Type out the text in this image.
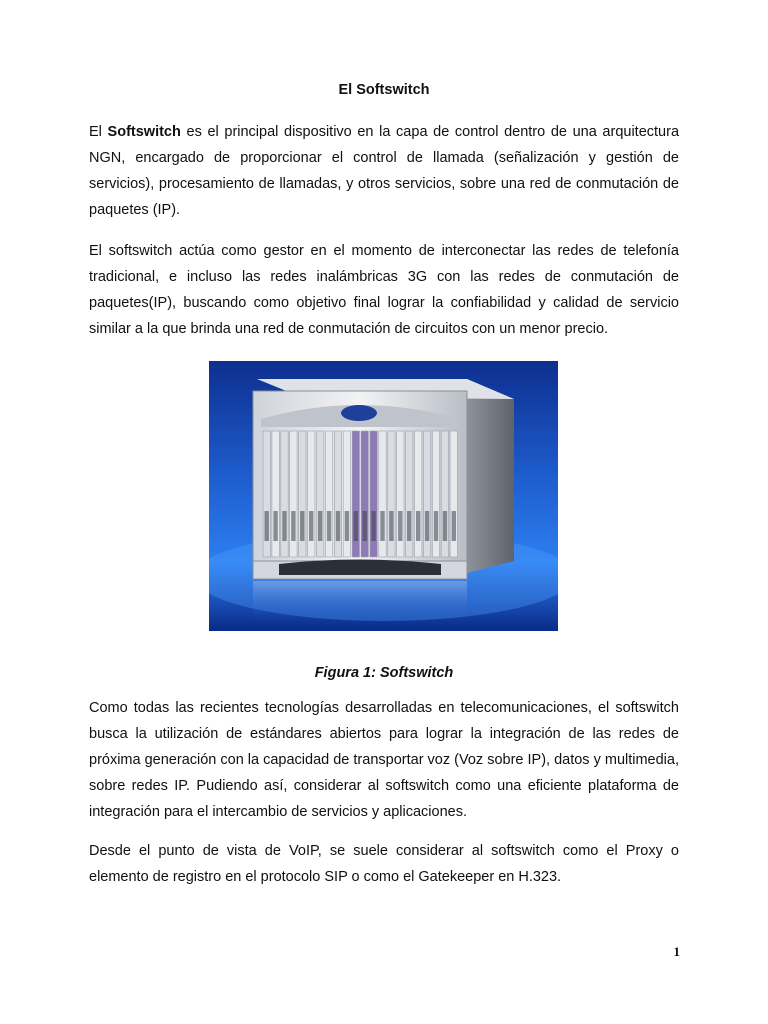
El Softswitch

El Softswitch es el principal dispositivo en la capa de control dentro de una arquitectura NGN, encargado de proporcionar el control de llamada (señalización y gestión de servicios), procesamiento de llamadas, y otros servicios, sobre una red de conmutación de paquetes (IP).

El softswitch actúa como gestor en el momento de interconectar las redes de telefonía tradicional, e incluso las redes inalámbricas 3G con las redes de conmutación de paquetes(IP), buscando como objetivo final lograr la confiabilidad y calidad de servicio similar a la que brinda una red de conmutación de circuitos con un menor precio.

Figura 1: Softswitch

Como todas las recientes tecnologías desarrolladas en telecomunicaciones, el softswitch busca la utilización de estándares abiertos para lograr la integración de las redes de próxima generación con la capacidad de transportar voz (Voz sobre IP), datos y multimedia, sobre redes IP. Pudiendo así, considerar al softswitch como una eficiente plataforma de integración para el intercambio de servicios y aplicaciones.

Desde el punto de vista de VoIP, se suele considerar al softswitch como el Proxy o elemento de registro en el protocolo SIP o como el Gatekeeper en H.323.

1
